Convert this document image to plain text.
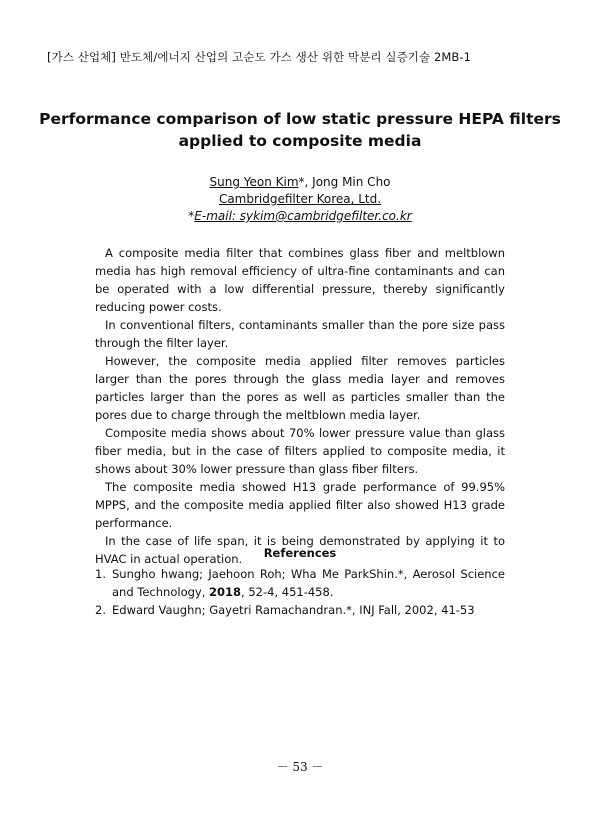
[가스 산업체] 반도체/에너지 산업의 고순도 가스 생산 위한 막분리 실증기술 2MB-1
Performance comparison of low static pressure HEPA filters
applied to composite media
Sung Yeon Kim*, Jong Min Cho
Cambridgefilter Korea, Ltd.
*E-mail: sykim@cambridgefilter.co.kr

A composite media filter that combines glass fiber and meltblown media has high removal efficiency of ultra-fine contaminants and can be operated with a low differential pressure, thereby significantly reducing power costs.

In conventional filters, contaminants smaller than the pore size pass through the filter layer.

However, the composite media applied filter removes particles larger than the pores through the glass media layer and removes particles larger than the pores as well as particles smaller than the pores due to charge through the meltblown media layer.

Composite media shows about 70% lower pressure value than glass fiber media, but in the case of filters applied to composite media, it shows about 30% lower pressure than glass fiber filters.

The composite media showed H13 grade performance of 99.95% MPPS, and the composite media applied filter also showed H13 grade performance.

In the case of life span, it is being demonstrated by applying it to HVAC in actual operation.	References
1. Sungho hwang; Jaehoon Roh; Wha Me ParkShin.*, Aerosol Science and Technology, 2018, 52-4, 451-458.
2. Edward Vaughn; Gayetri Ramachandran.*, INJ Fall, 2002, 41-53
－ 53 －
